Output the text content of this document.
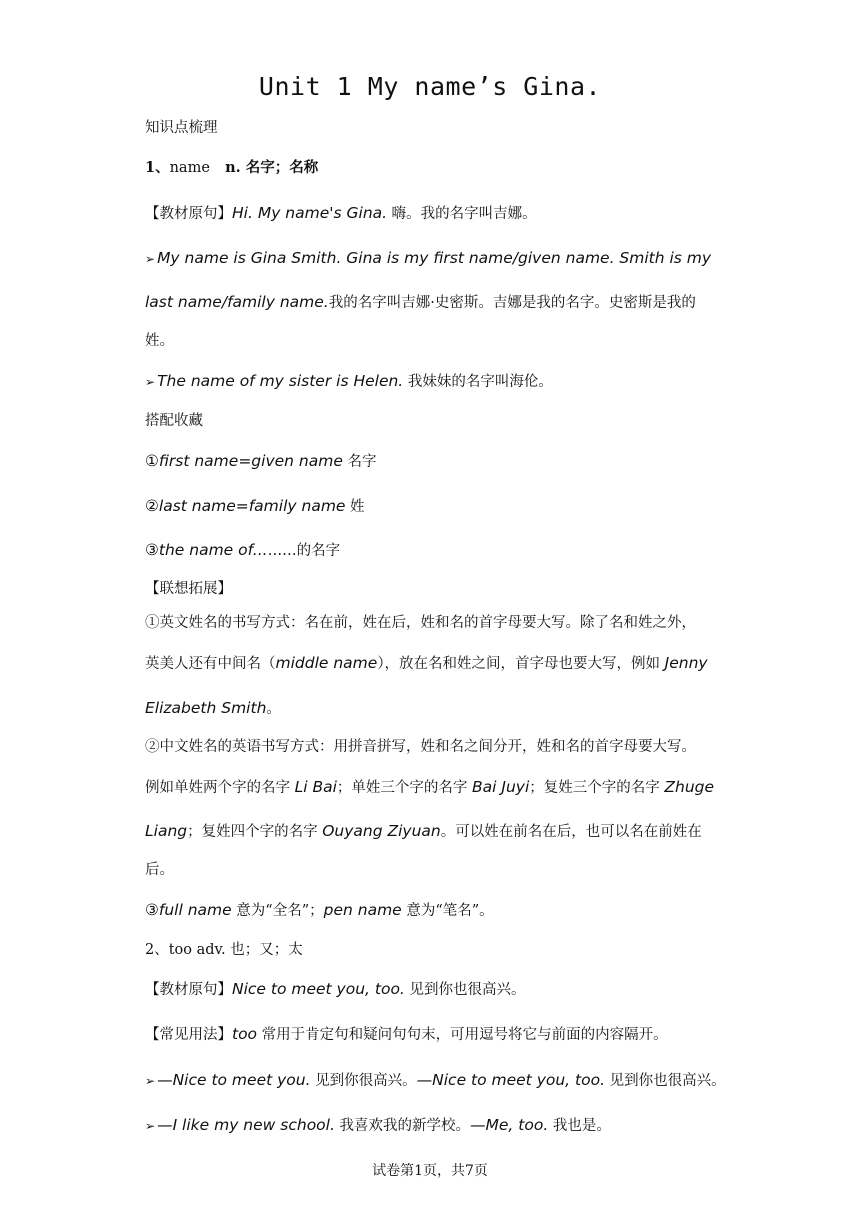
Unit 1 My name’s Gina.
知识点梳理
1、name n. 名字；名称
【教材原句】Hi. My name's Gina. 嗨。我的名字叫吉娜。
➢ My name is Gina Smith. Gina is my first name/given name. Smith is my
last name/family name.我的名字叫吉娜·史密斯。吉娜是我的名字。史密斯是我的
姓。
➢ The name of my sister is Helen. 我妹妹的名字叫海伦。
搭配收藏
①first name=given name 名字
②last name=family name 姓
③the name of...……的名字
【联想拓展】
①英文姓名的书写方式：名在前，姓在后，姓和名的首字母要大写。除了名和姓之外，
英美人还有中间名（middle name），放在名和姓之间，首字母也要大写，例如 Jenny
Elizabeth Smith。
②中文姓名的英语书写方式：用拼音拼写，姓和名之间分开，姓和名的首字母要大写。
例如单姓两个字的名字 Li Bai；单姓三个字的名字 Bai Juyi；复姓三个字的名字 Zhuge
Liang；复姓四个字的名字 Ouyang Ziyuan。可以姓在前名在后，也可以名在前姓在
后。
③full name 意为“全名”；pen name 意为“笔名”。
2、too adv. 也；又；太
【教材原句】Nice to meet you, too. 见到你也很高兴。
【常见用法】too 常用于肯定句和疑问句句末，可用逗号将它与前面的内容隔开。
➢ —Nice to meet you. 见到你很高兴。—Nice to meet you, too. 见到你也很高兴。
➢ —I like my new school. 我喜欢我的新学校。—Me, too. 我也是。
试卷第1页，共7页
